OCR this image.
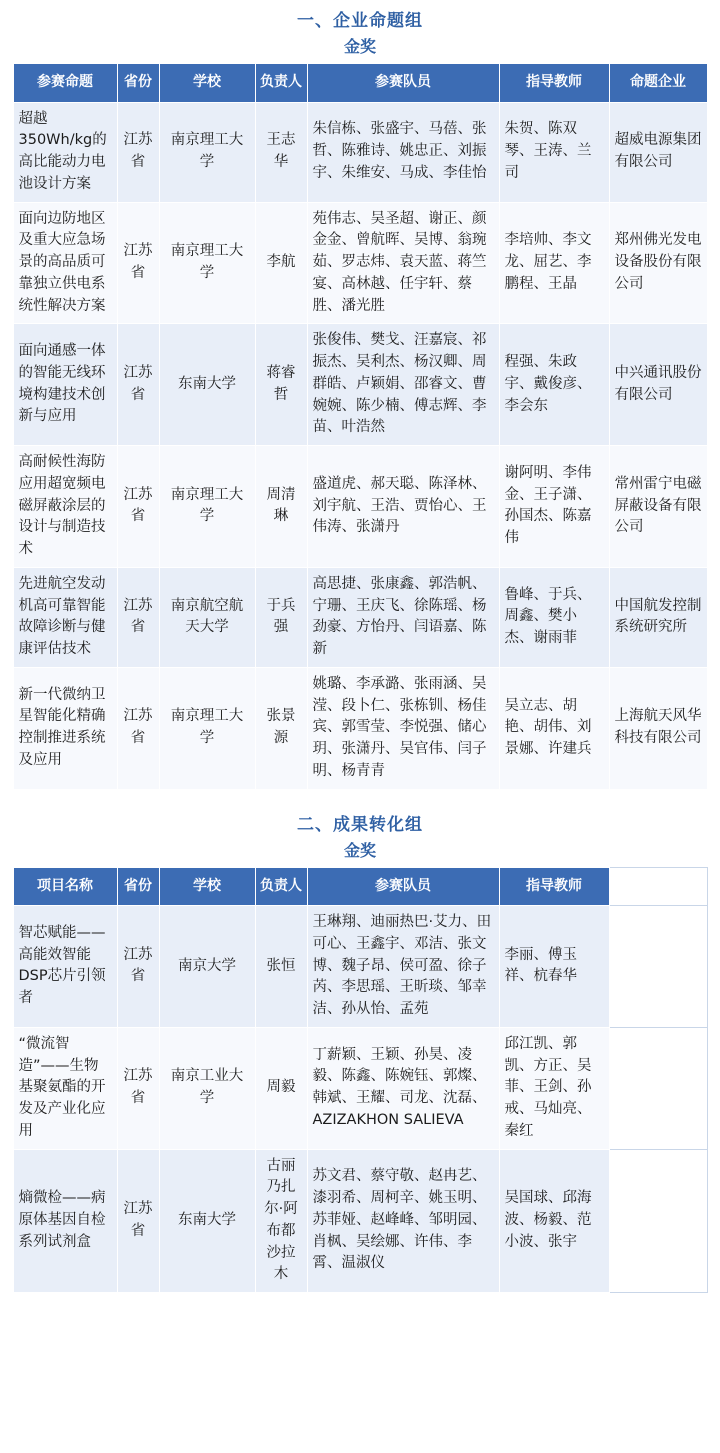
一、企业命题组
金奖
参赛命题	省份	学校	负责人	参赛队员	指导教师	命题企业
超越350Wh/kg的高比能动力电池设计方案	江苏省	南京理工大学	王志华	朱信栋、张盛宇、马蓓、张哲、陈雅诗、姚忠正、刘振宇、朱维安、马成、李佳怡	朱贺、陈双琴、王涛、兰司	超威电源集团有限公司
面向边防地区及重大应急场景的高品质可靠独立供电系统性解决方案	江苏省	南京理工大学	李航	苑伟志、吴圣超、谢正、颜金金、曾航晖、吴博、翁琬茹、罗志炜、袁天蓝、蒋竺宴、高林越、任宇轩、蔡胜、潘光胜	李培帅、李文龙、屈艺、李鹏程、王晶	郑州佛光发电设备股份有限公司
面向通感一体的智能无线环境构建技术创新与应用	江苏省	东南大学	蒋睿哲	张俊伟、樊戈、汪嘉宸、祁振杰、吴利杰、杨汉卿、周群皓、卢颖娟、邵睿文、曹婉婉、陈少楠、傅志辉、李苗、叶浩然	程强、朱政宇、戴俊彦、李会东	中兴通讯股份有限公司
高耐候性海防应用超宽频电磁屏蔽涂层的设计与制造技术	江苏省	南京理工大学	周清琳	盛道虎、郝天聪、陈泽林、刘宇航、王浩、贾怡心、王伟涛、张潇丹	谢阿明、李伟金、王子潇、孙国杰、陈嘉伟	常州雷宁电磁屏蔽设备有限公司
先进航空发动机高可靠智能故障诊断与健康评估技术	江苏省	南京航空航天大学	于兵强	高思捷、张康鑫、郭浩帆、宁珊、王庆飞、徐陈瑶、杨劲豪、方怡丹、闫语嘉、陈新	鲁峰、于兵、周鑫、樊小杰、谢雨菲	中国航发控制系统研究所
新一代微纳卫星智能化精确控制推进系统及应用	江苏省	南京理工大学	张景源	姚璐、李承潞、张雨涵、吴滢、段卜仁、张栋钏、杨佳宾、郭雪莹、李悦强、储心玥、张潇丹、吴官伟、闫子明、杨青青	吴立志、胡艳、胡伟、刘景娜、许建兵	上海航天风华科技有限公司
二、成果转化组
金奖
项目名称	省份	学校	负责人	参赛队员	指导教师	
智芯赋能——高能效智能DSP芯片引领者	江苏省	南京大学	张恒	王琳翔、迪丽热巴·艾力、田可心、王鑫宇、邓洁、张文博、魏子昂、侯可盈、徐子芮、李思瑶、王昕琰、邹幸洁、孙从怡、孟苑	李丽、傅玉祥、杭春华	
“微流智造”——生物基聚氨酯的开发及产业化应用	江苏省	南京工业大学	周毅	丁薪颖、王颖、孙昊、凌毅、陈鑫、陈婉钰、郭燦、韩斌、王耀、司龙、沈磊、AZIZAKHON SALIEVA	邱江凯、郭凯、方正、吴菲、王剑、孙戒、马灿亮、秦红	
熵微检——病原体基因自检系列试剂盒	江苏省	东南大学	古丽乃扎尔·阿布都沙拉木	苏文君、蔡守敬、赵冉艺、漆羽希、周柯辛、姚玉明、苏菲娅、赵峰峰、邹明园、肖枫、吴绘娜、许伟、李霄、温淑仪	吴国球、邱海波、杨毅、范小波、张宇	
